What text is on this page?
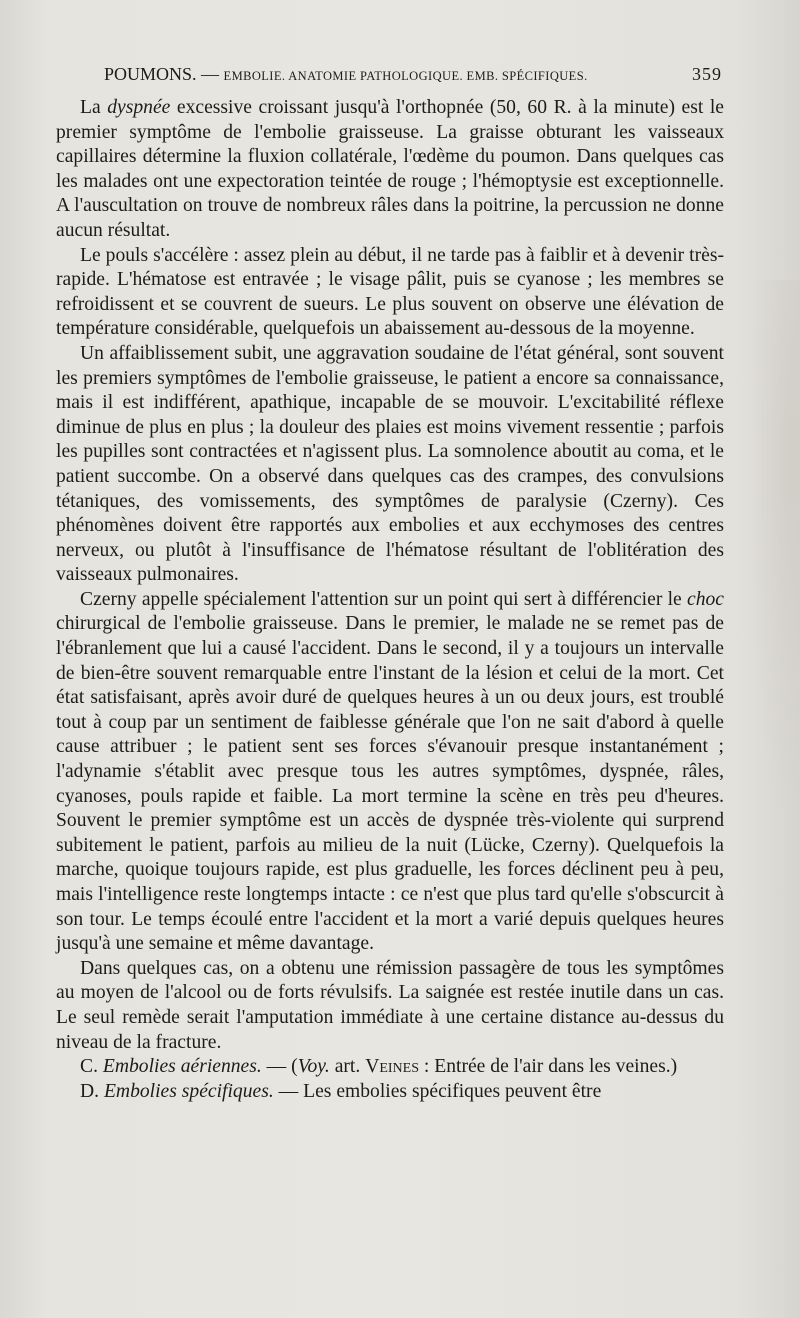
POUMONS. — EMBOLIE. ANATOMIE PATHOLOGIQUE. EMB. SPÉCIFIQUES.	359

La dyspnée excessive croissant jusqu'à l'orthopnée (50, 60 R. à la minute) est le premier symptôme de l'embolie graisseuse. La graisse obturant les vaisseaux capillaires détermine la fluxion collatérale, l'œdème du poumon. Dans quelques cas les malades ont une expectoration teintée de rouge ; l'hémoptysie est exceptionnelle. A l'auscultation on trouve de nombreux râles dans la poitrine, la percussion ne donne aucun résultat.

Le pouls s'accélère : assez plein au début, il ne tarde pas à faiblir et à devenir très-rapide. L'hématose est entravée ; le visage pâlit, puis se cyanose ; les membres se refroidissent et se couvrent de sueurs. Le plus souvent on observe une élévation de température considérable, quelquefois un abaissement au-dessous de la moyenne.

Un affaiblissement subit, une aggravation soudaine de l'état général, sont souvent les premiers symptômes de l'embolie graisseuse, le patient a encore sa connaissance, mais il est indifférent, apathique, incapable de se mouvoir. L'excitabilité réflexe diminue de plus en plus ; la douleur des plaies est moins vivement ressentie ; parfois les pupilles sont contractées et n'agissent plus. La somnolence aboutit au coma, et le patient succombe. On a observé dans quelques cas des crampes, des convulsions tétaniques, des vomissements, des symptômes de paralysie (Czerny). Ces phénomènes doivent être rapportés aux embolies et aux ecchymoses des centres nerveux, ou plutôt à l'insuffisance de l'hématose résultant de l'oblitération des vaisseaux pulmonaires.

Czerny appelle spécialement l'attention sur un point qui sert à différencier le choc chirurgical de l'embolie graisseuse. Dans le premier, le malade ne se remet pas de l'ébranlement que lui a causé l'accident. Dans le second, il y a toujours un intervalle de bien-être souvent remarquable entre l'instant de la lésion et celui de la mort. Cet état satisfaisant, après avoir duré de quelques heures à un ou deux jours, est troublé tout à coup par un sentiment de faiblesse générale que l'on ne sait d'abord à quelle cause attribuer ; le patient sent ses forces s'évanouir presque instantanément ; l'adynamie s'établit avec presque tous les autres symptômes, dyspnée, râles, cyanoses, pouls rapide et faible. La mort termine la scène en très peu d'heures. Souvent le premier symptôme est un accès de dyspnée très-violente qui surprend subitement le patient, parfois au milieu de la nuit (Lücke, Czerny). Quelquefois la marche, quoique toujours rapide, est plus graduelle, les forces déclinent peu à peu, mais l'intelligence reste longtemps intacte : ce n'est que plus tard qu'elle s'obscurcit à son tour. Le temps écoulé entre l'accident et la mort a varié depuis quelques heures jusqu'à une semaine et même davantage.

Dans quelques cas, on a obtenu une rémission passagère de tous les symptômes au moyen de l'alcool ou de forts révulsifs. La saignée est restée inutile dans un cas. Le seul remède serait l'amputation immédiate à une certaine distance au-dessus du niveau de la fracture.

C. Embolies aériennes. — (Voy. art. Veines : Entrée de l'air dans les veines.)

D. Embolies spécifiques. — Les embolies spécifiques peuvent être
